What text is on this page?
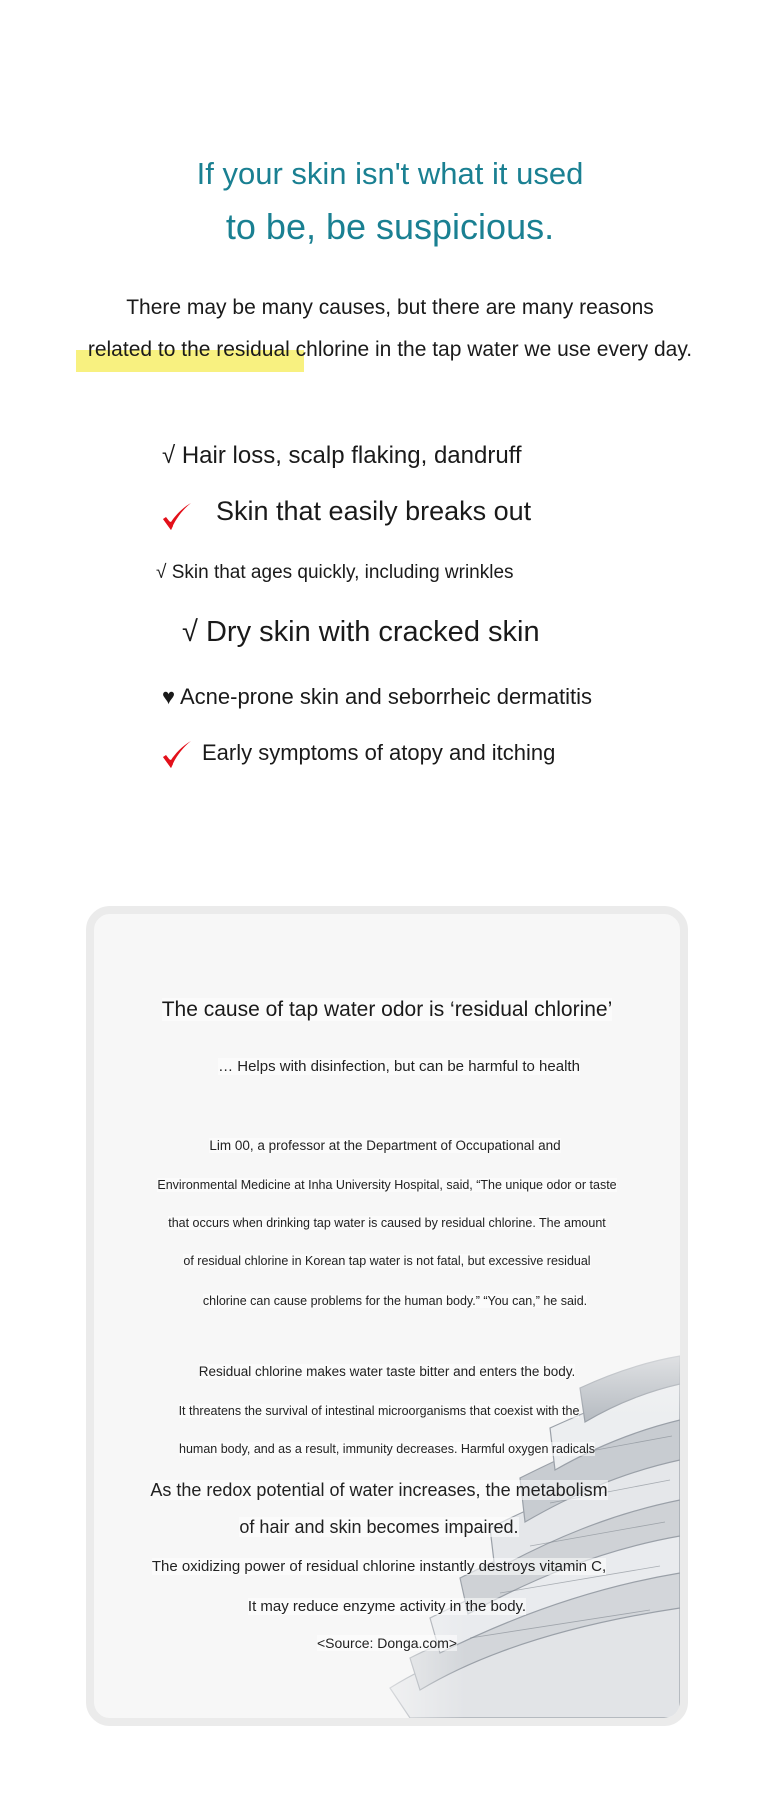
If your skin isn't what it used
to be, be suspicious.
There may be many causes, but there are many reasons
related to the residual chlorine in the tap water we use every day.
√ Hair loss, scalp flaking, dandruff
Skin that easily breaks out
√ Skin that ages quickly, including wrinkles
√ Dry skin with cracked skin
♥ Acne-prone skin and seborrheic dermatitis
Early symptoms of atopy and itching
The cause of tap water odor is ‘residual chlorine’
… Helps with disinfection, but can be harmful to health
Lim 00, a professor at the Department of Occupational and
Environmental Medicine at Inha University Hospital, said, “The unique odor or taste
that occurs when drinking tap water is caused by residual chlorine. The amount
of residual chlorine in Korean tap water is not fatal, but excessive residual
chlorine can cause problems for the human body.” “You can,” he said.
Residual chlorine makes water taste bitter and enters the body.
It threatens the survival of intestinal microorganisms that coexist with the
human body, and as a result, immunity decreases. Harmful oxygen radicals
As the redox potential of water increases, the metabolism
of hair and skin becomes impaired.
The oxidizing power of residual chlorine instantly destroys vitamin C,
It may reduce enzyme activity in the body.
<Source: Donga.com>
